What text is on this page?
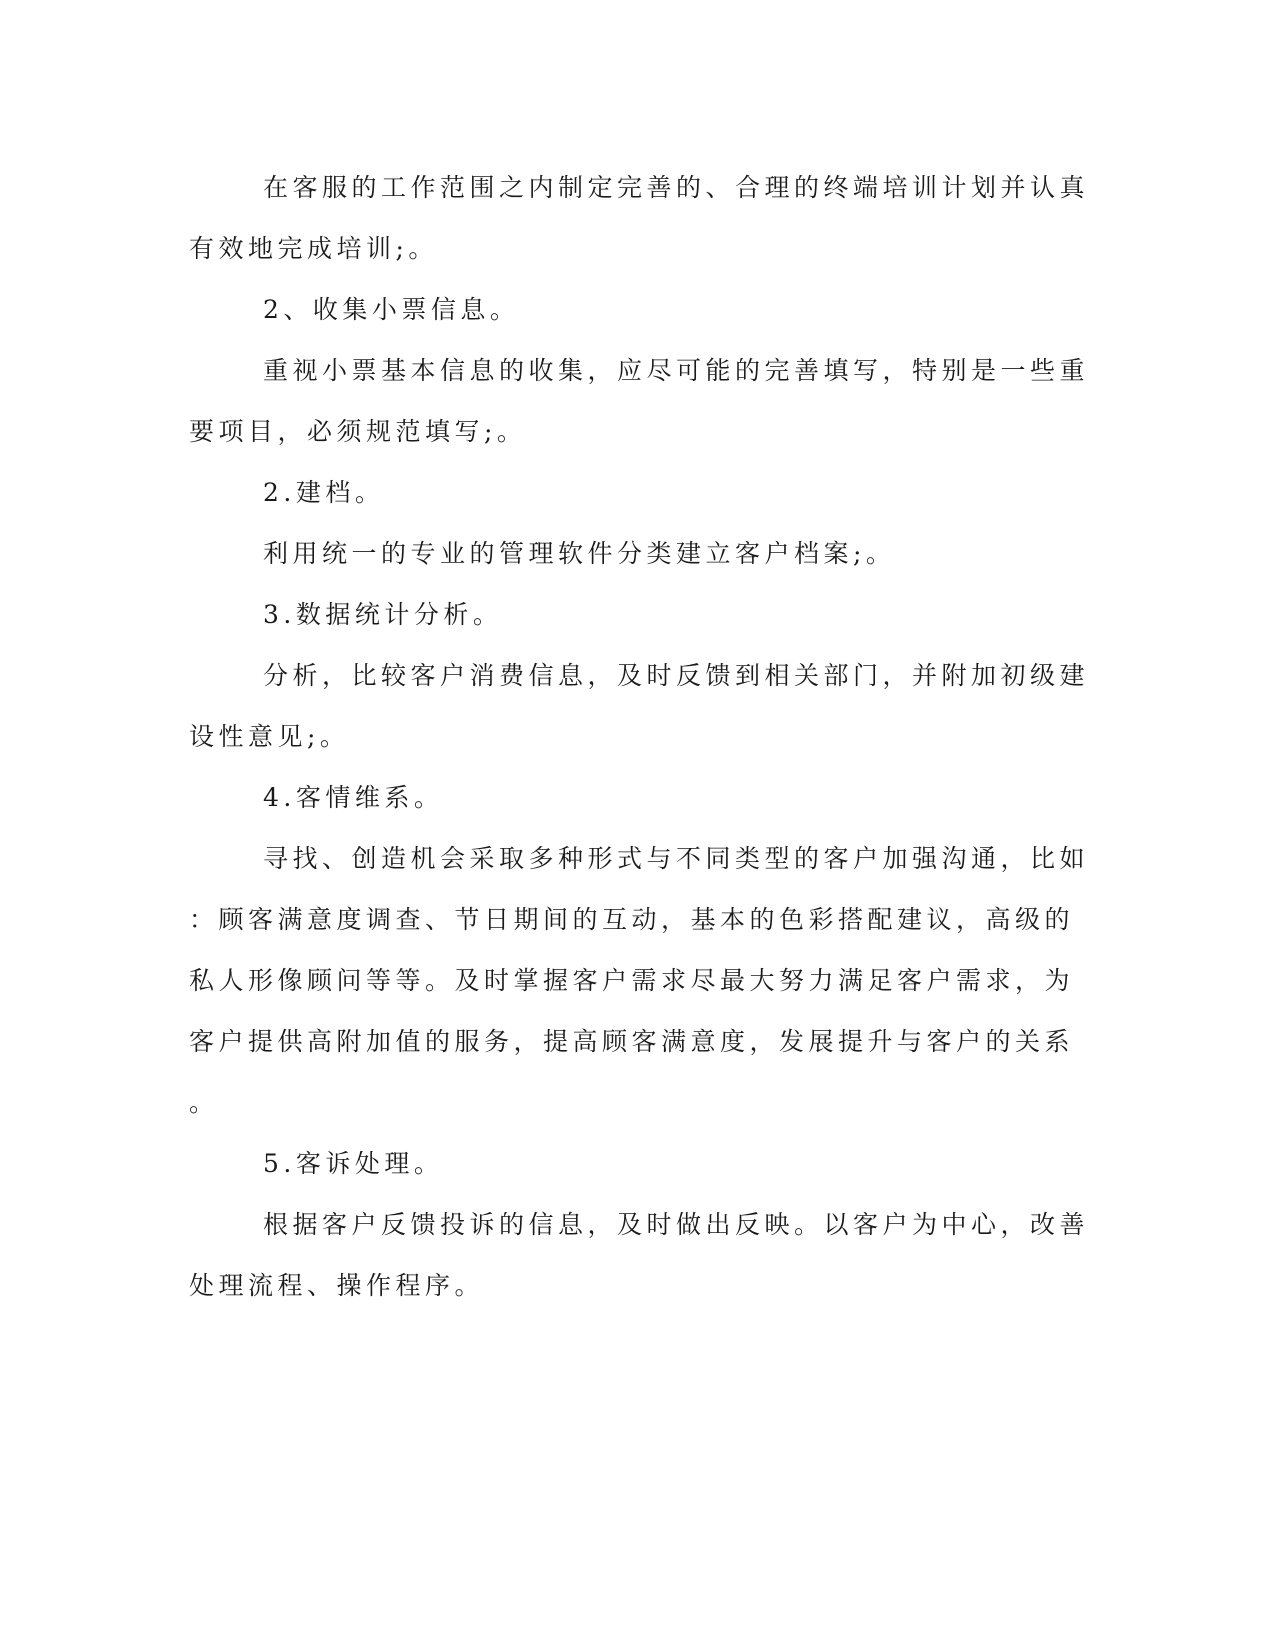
在客服的工作范围之内制定完善的、合理的终端培训计划并认真
有效地完成培训;。
2、收集小票信息。
重视小票基本信息的收集，应尽可能的完善填写，特别是一些重
要项目，必须规范填写;。
2.建档。
利用统一的专业的管理软件分类建立客户档案;。
3.数据统计分析。
分析，比较客户消费信息，及时反馈到相关部门，并附加初级建
设性意见;。
4.客情维系。
寻找、创造机会采取多种形式与不同类型的客户加强沟通，比如
：顾客满意度调查、节日期间的互动，基本的色彩搭配建议，高级的
私人形像顾问等等。及时掌握客户需求尽最大努力满足客户需求，为
客户提供高附加值的服务，提高顾客满意度，发展提升与客户的关系
。
5.客诉处理。
根据客户反馈投诉的信息，及时做出反映。以客户为中心，改善
处理流程、操作程序。
